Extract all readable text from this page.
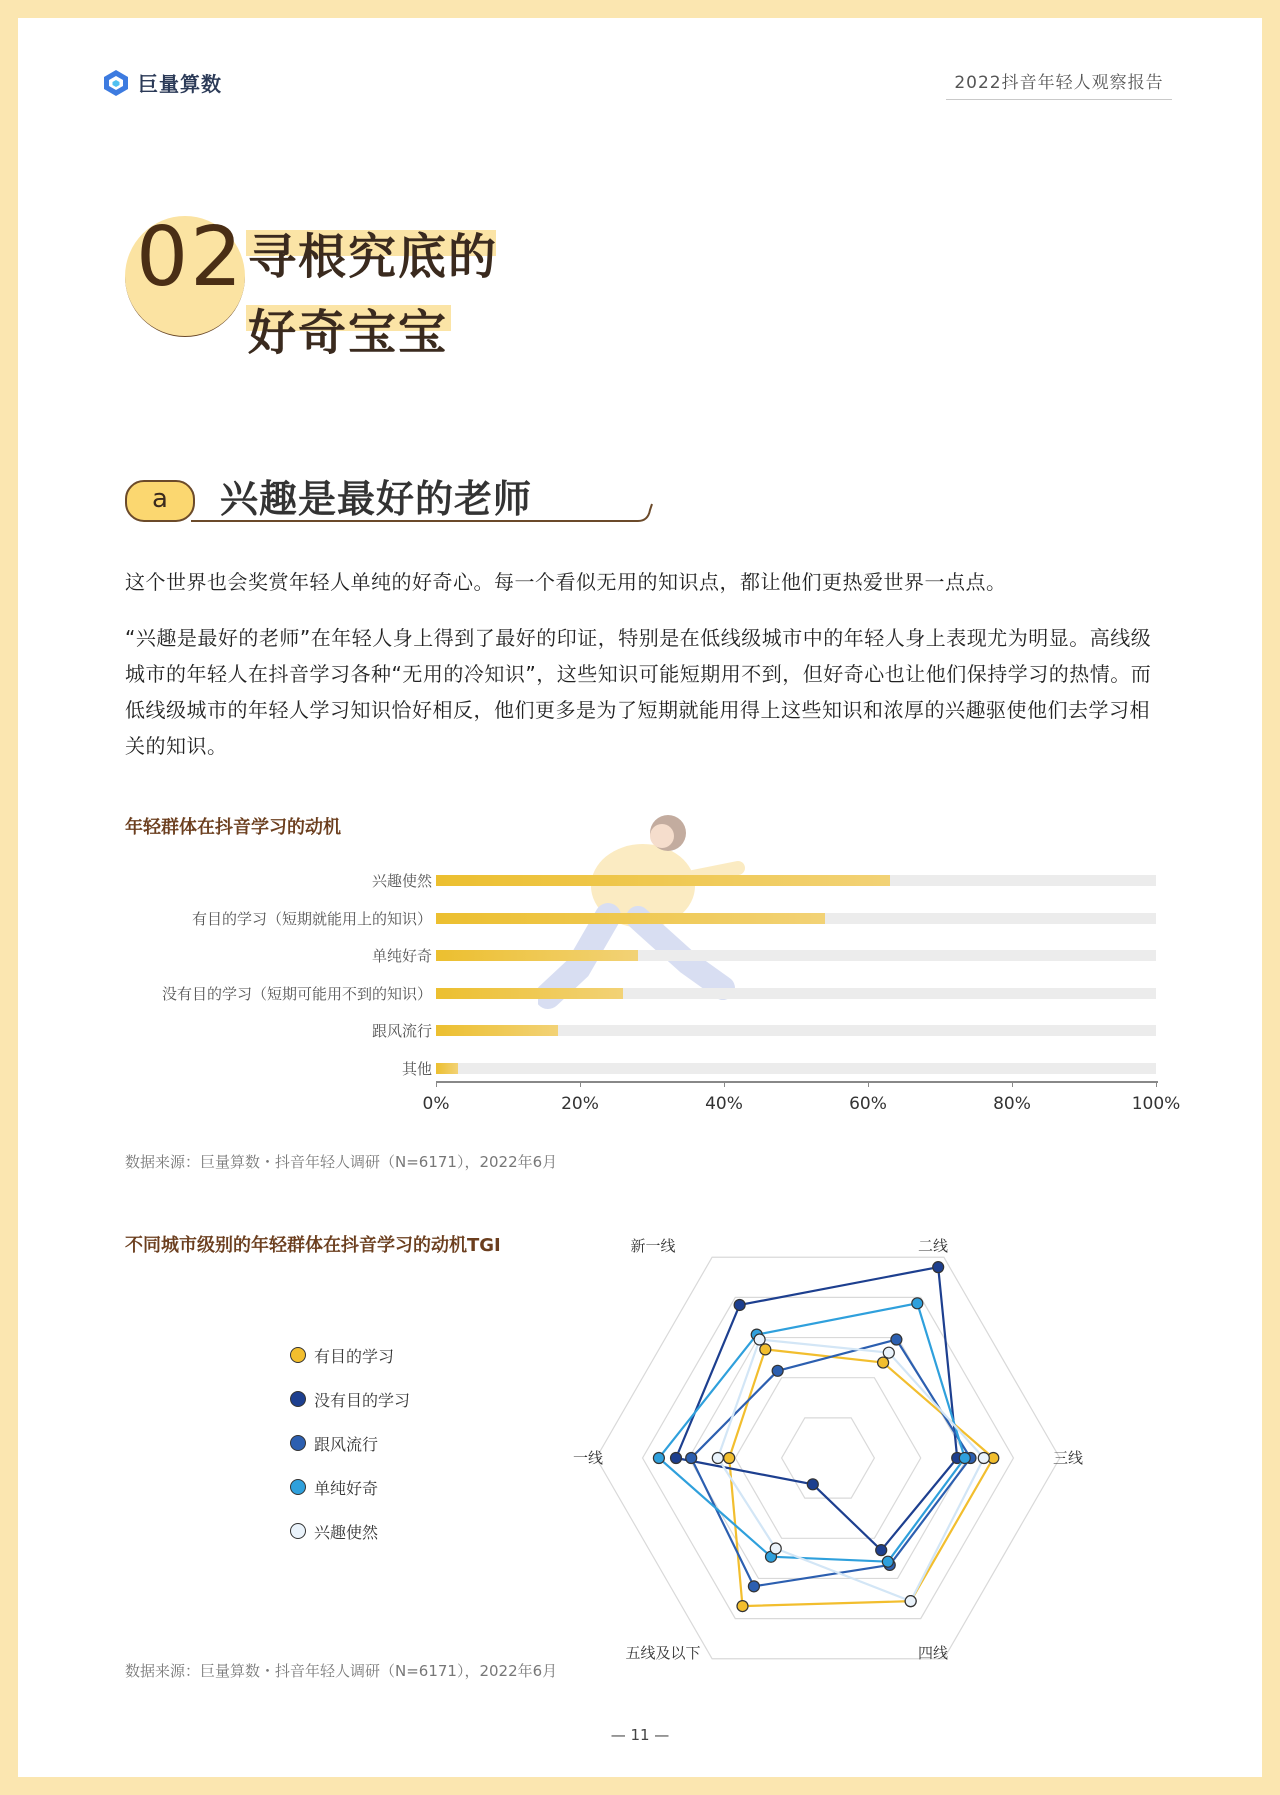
巨量算数	2022抖音年轻人观察报告
02 寻根究底的
好奇宝宝
a	兴趣是最好的老师
这个世界也会奖赏年轻人单纯的好奇心。每一个看似无用的知识点，都让他们更热爱世界一点点。
“兴趣是最好的老师”在年轻人身上得到了最好的印证，特别是在低线级城市中的年轻人身上表现尤为明显。高线级城市的年轻人在抖音学习各种“无用的冷知识”，这些知识可能短期用不到，但好奇心也让他们保持学习的热情。而低线级城市的年轻人学习知识恰好相反，他们更多是为了短期就能用得上这些知识和浓厚的兴趣驱使他们去学习相关的知识。
年轻群体在抖音学习的动机
兴趣使然
有目的学习（短期就能用上的知识）
单纯好奇
没有目的学习（短期可能用不到的知识）
跟风流行
其他
0%	20%	40%	60%	80%	100%
数据来源：巨量算数・抖音年轻人调研（N=6171），2022年6月
不同城市级别的年轻群体在抖音学习的动机TGI
有目的学习
没有目的学习
跟风流行
单纯好奇
兴趣使然
新一线	二线
三线
四线
五线及以下
一线
数据来源：巨量算数・抖音年轻人调研（N=6171），2022年6月
— 11 —
